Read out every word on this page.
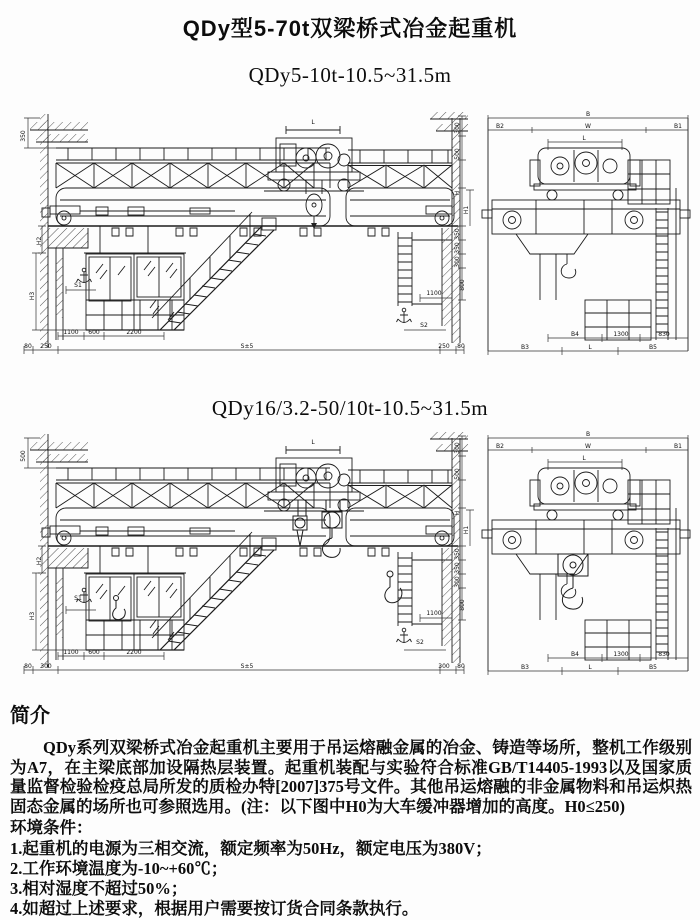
QDy型5-70t双梁桥式冶金起重机
QDy5-10t-10.5~31.5m
L
350
H2
H3
S1
1100 600	2200
80 250	S±5	250 80
300
500
H
H1
350
350
300
800
1100
S2
B
B2	W	B1
L
B4	1300	830
B3	L	B5
QDy16/3.2-50/10t-10.5~31.5m
L
500
H2
H3
S1
1100 600	2200
80 300	S±5	300 80
300
500
H
H1
350
350
300
800
1100
S2
B
B2	W	B1
L
B4	1300	830
B3	L	B5
简介

QDy系列双梁桥式冶金起重机主要用于吊运熔融金属的冶金、铸造等场所，整机工作级别为A7，在主梁底部加设隔热层装置。起重机装配与实验符合标准GB/T14405-1993以及国家质量监督检验检疫总局所发的质检办特[2007]375号文件。其他吊运熔融的非金属物料和吊运炽热固态金属的场所也可参照选用。(注：以下图中H0为大车缓冲器增加的高度。H0≤250)

环境条件：
1.起重机的电源为三相交流，额定频率为50Hz，额定电压为380V；
2.工作环境温度为-10~+60℃；
3.相对湿度不超过50%；
4.如超过上述要求，根据用户需要按订货合同条款执行。
